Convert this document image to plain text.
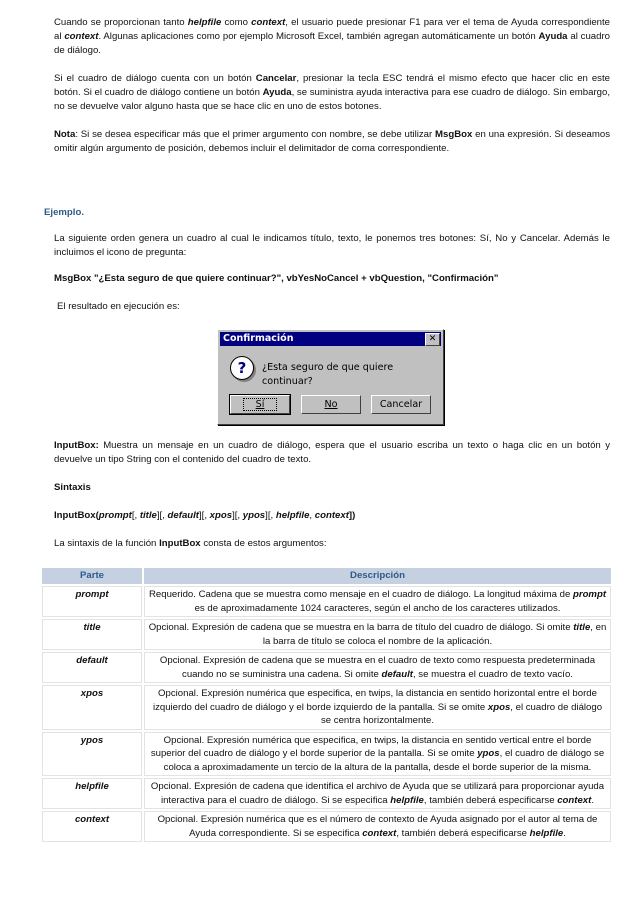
Cuando se proporcionan tanto helpfile como context, el usuario puede presionar F1 para ver el tema de Ayuda correspondiente al context. Algunas aplicaciones como por ejemplo Microsoft Excel, también agregan automáticamente un botón Ayuda al cuadro de diálogo.

Si el cuadro de diálogo cuenta con un botón Cancelar, presionar la tecla ESC tendrá el mismo efecto que hacer clic en este botón. Si el cuadro de diálogo contiene un botón Ayuda, se suministra ayuda interactiva para ese cuadro de diálogo. Sin embargo, no se devuelve valor alguno hasta que se hace clic en uno de estos botones.

Nota: Si se desea especificar más que el primer argumento con nombre, se debe utilizar MsgBox en una expresión. Si deseamos omitir algún argumento de posición, debemos incluir el delimitador de coma correspondiente.

Ejemplo.

La siguiente orden genera un cuadro al cual le indicamos título, texto, le ponemos tres botones: Sí, No y Cancelar. Además le incluimos el icono de pregunta:

MsgBox "¿Esta seguro de que quiere continuar?", vbYesNoCancel + vbQuestion, "Confirmación"
El resultado en ejecución es:
Confirmación	✕
?	¿Esta seguro de que quiere continuar?
Sí	No	Cancelar

InputBox: Muestra un mensaje en un cuadro de diálogo, espera que el usuario escriba un texto o haga clic en un botón y devuelve un tipo String con el contenido del cuadro de texto.

Sintaxis
InputBox(prompt[, title][, default][, xpos][, ypos][, helpfile, context])

La sintaxis de la función InputBox consta de estos argumentos:

Parte	Descripción
prompt	Requerido. Cadena que se muestra como mensaje en el cuadro de diálogo. La longitud máxima de prompt es de aproximadamente 1024 caracteres, según el ancho de los caracteres utilizados.
title	Opcional. Expresión de cadena que se muestra en la barra de título del cuadro de diálogo. Si omite title, en la barra de título se coloca el nombre de la aplicación.
default	Opcional. Expresión de cadena que se muestra en el cuadro de texto como respuesta predeterminada cuando no se suministra una cadena. Si omite default, se muestra el cuadro de texto vacío.
xpos	Opcional. Expresión numérica que especifica, en twips, la distancia en sentido horizontal entre el borde izquierdo del cuadro de diálogo y el borde izquierdo de la pantalla. Si se omite xpos, el cuadro de diálogo se centra horizontalmente.
ypos	Opcional. Expresión numérica que especifica, en twips, la distancia en sentido vertical entre el borde superior del cuadro de diálogo y el borde superior de la pantalla. Si se omite ypos, el cuadro de diálogo se coloca a aproximadamente un tercio de la altura de la pantalla, desde el borde superior de la misma.
helpfile	Opcional. Expresión de cadena que identifica el archivo de Ayuda que se utilizará para proporcionar ayuda interactiva para el cuadro de diálogo. Si se especifica helpfile, también deberá especificarse context.
context	Opcional. Expresión numérica que es el número de contexto de Ayuda asignado por el autor al tema de Ayuda correspondiente. Si se especifica context, también deberá especificarse helpfile.
